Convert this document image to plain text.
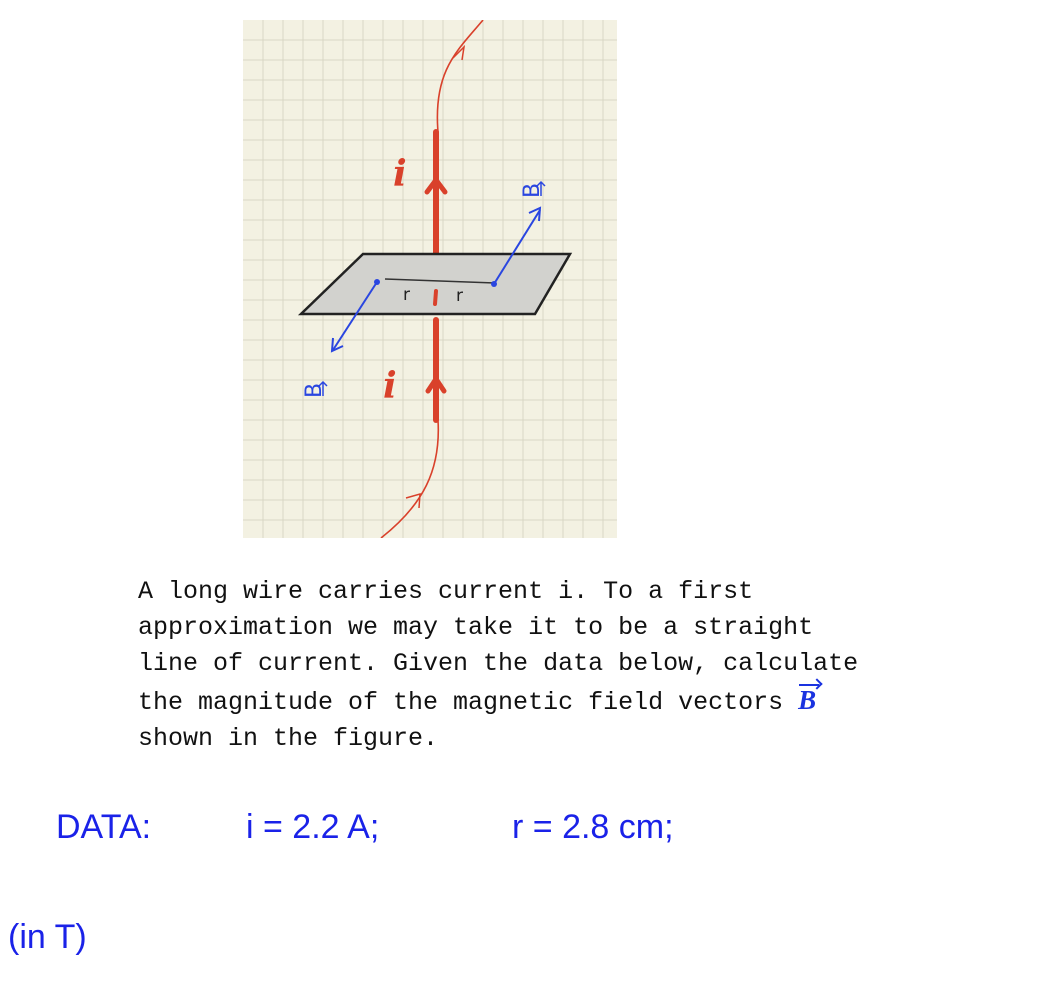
i
i
r	r
B
B

A long wire carries current i. To a first
approximation we may take it to be a straight
line of current. Given the data below, calculate
the magnitude of the magnetic field vectors B

shown in the figure.

DATA:	i = 2.2 A;	r = 2.8 cm;
(in T)
